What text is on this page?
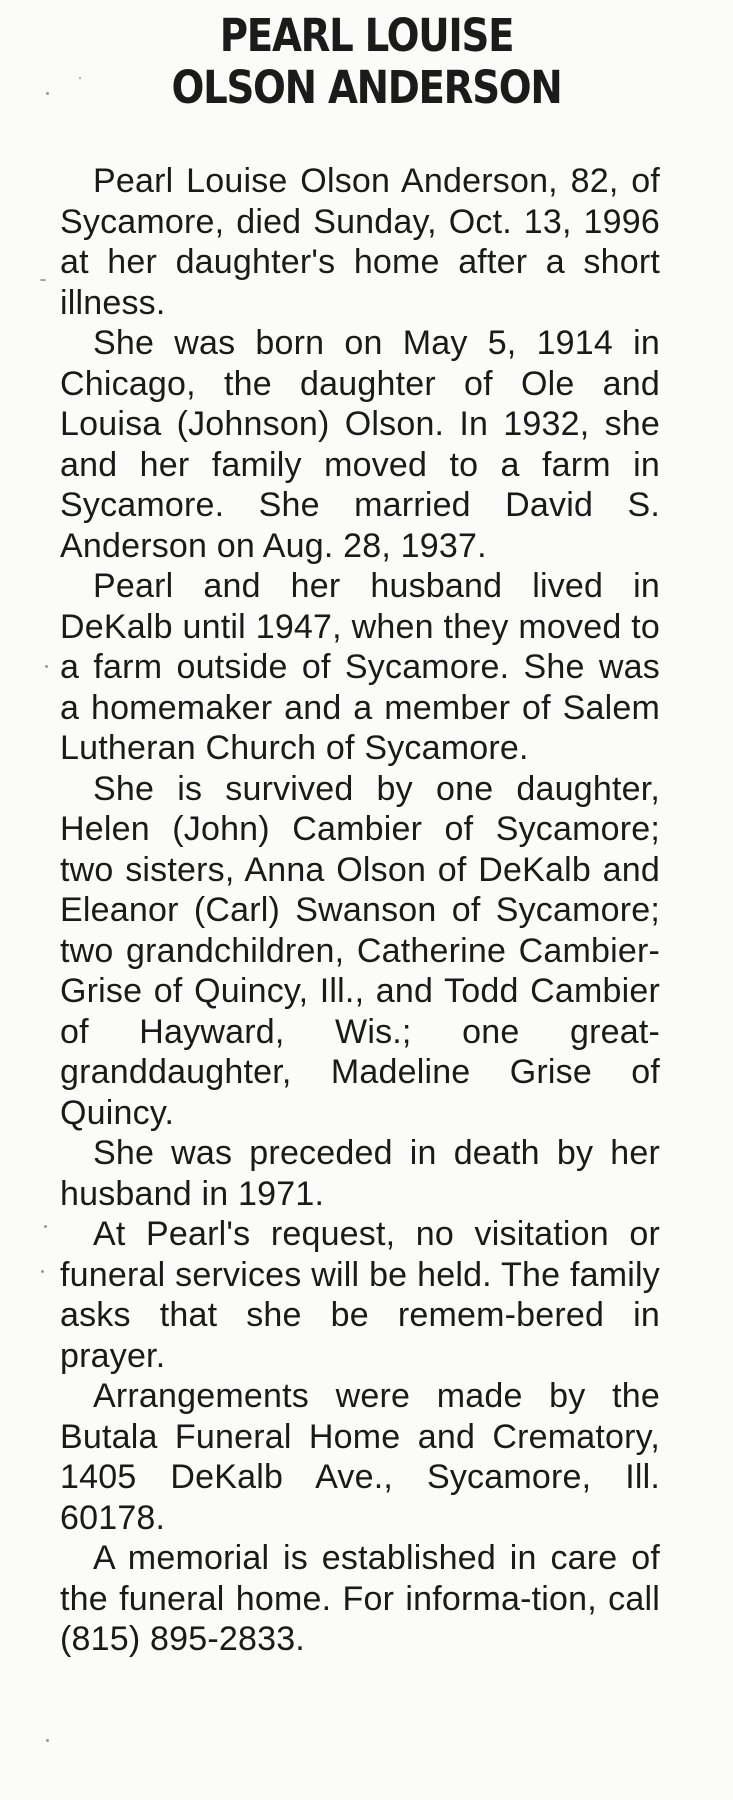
PEARL LOUISE
OLSON ANDERSON

Pearl Louise Olson Anderson, 82, of Sycamore, died Sunday, Oct. 13, 1996 at her daughter's home after a short illness.

She was born on May 5, 1914 in Chicago, the daughter of Ole and Louisa (Johnson) Olson. In 1932, she and her family moved to a farm in Sycamore. She married David S. Anderson on Aug. 28, 1937.

Pearl and her husband lived in DeKalb until 1947, when they moved to a farm outside of Sycamore. She was a homemaker and a member of Salem Lutheran Church of Sycamore.

She is survived by one daughter, Helen (John) Cambier of Sycamore; two sisters, Anna Olson of DeKalb and Eleanor (Carl) Swanson of Sycamore; two grandchildren, Catherine Cambier-Grise of Quincy, Ill., and Todd Cambier of Hayward, Wis.; one great-granddaughter, Madeline Grise of Quincy.

She was preceded in death by her husband in 1971.

At Pearl's request, no visitation or funeral services will be held. The family asks that she be remem-bered in prayer.

Arrangements were made by the Butala Funeral Home and Crematory, 1405 DeKalb Ave., Sycamore, Ill. 60178.

A memorial is established in care of the funeral home. For informa-tion, call (815) 895-2833.
